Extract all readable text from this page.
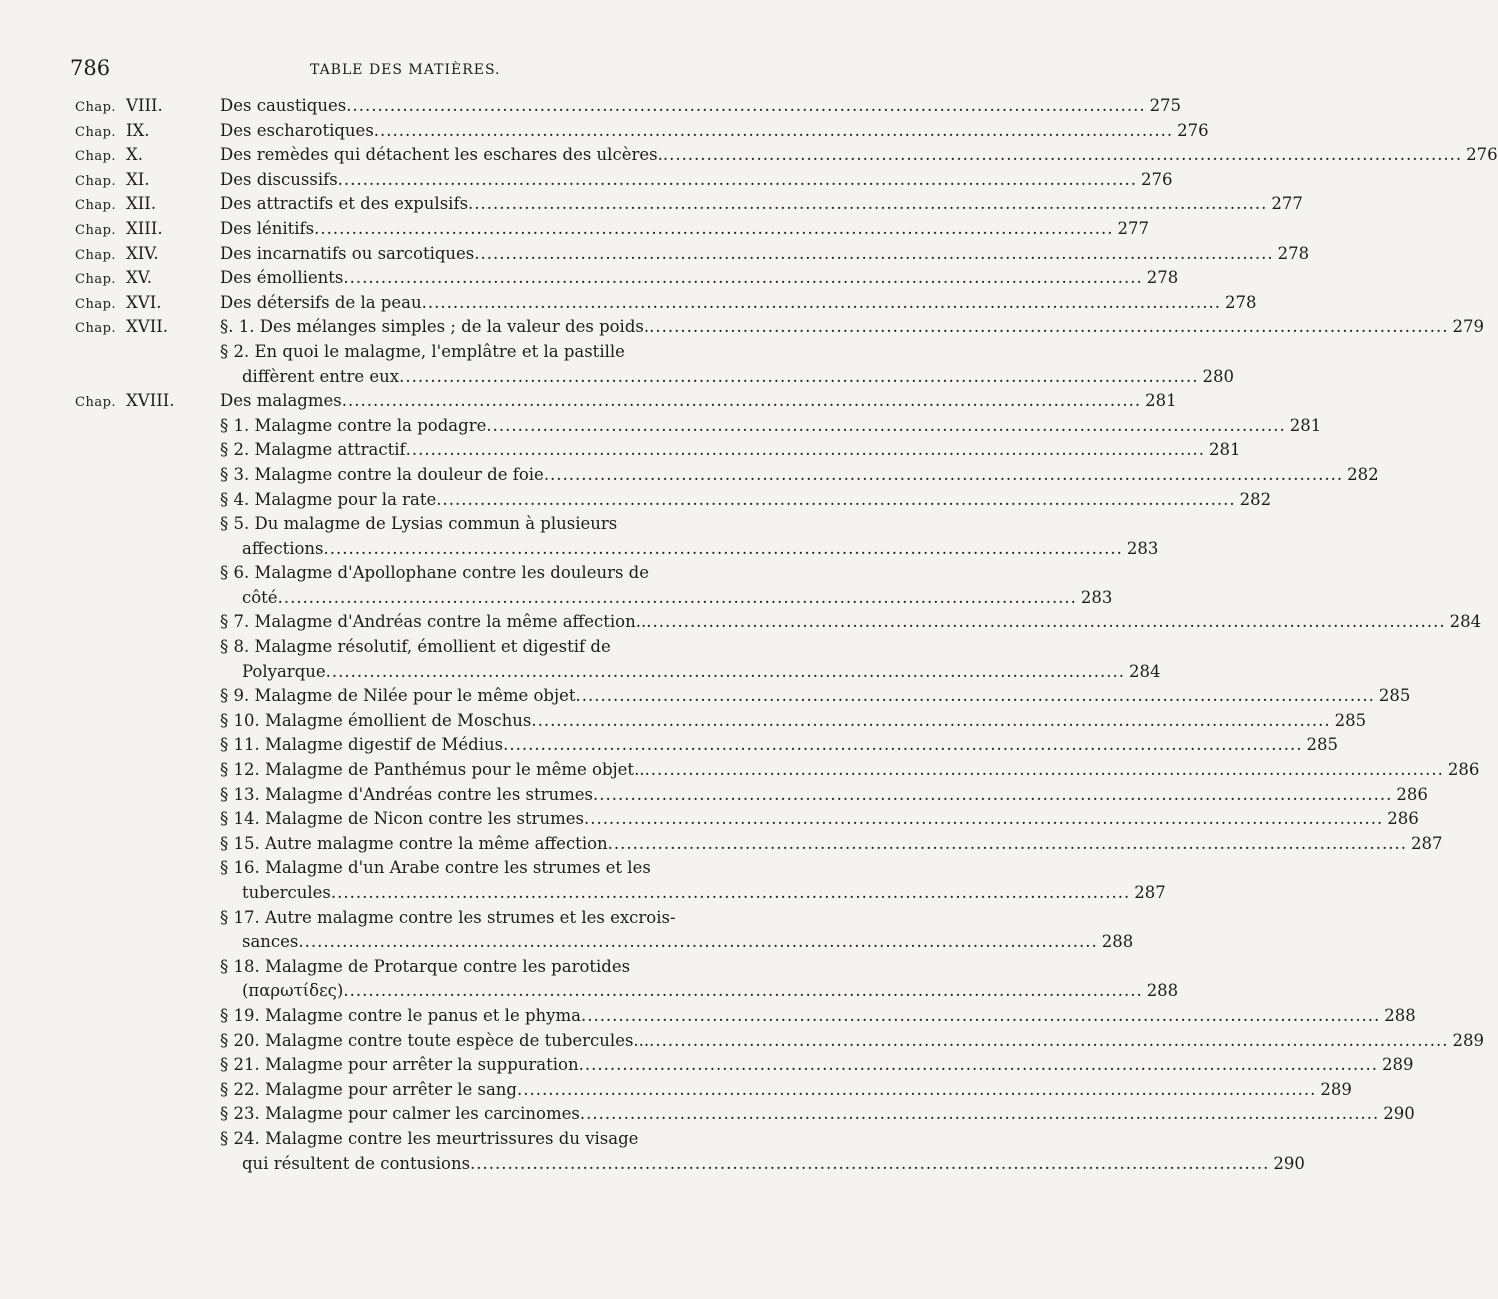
786	TABLE DES MATIÈRES.
Chap. VIII.	Des caustiques .....	275
Chap. IX.	Des escharotiques .....	276
Chap. X.	Des remèdes qui détachent les eschares des ulcères. .....	276
Chap. XI.	Des discussifs .....	276
Chap. XII.	Des attractifs et des expulsifs .....	277
Chap. XIII.	Des lénitifs .....	277
Chap. XIV.	Des incarnatifs ou sarcotiques .....	278
Chap. XV.	Des émollients .....	278
Chap. XVI.	Des détersifs de la peau .....	278
Chap. XVII.	§. 1. Des mélanges simples ; de la valeur des poids. .....	279
§ 2. En quoi le malagme, l'emplâtre et la pastille
diffèrent entre eux .....	280
Chap. XVIII.	Des malagmes .....	281
§ 1. Malagme contre la podagre .....	281
§ 2. Malagme attractif .....	281
§ 3. Malagme contre la douleur de foie .....	282
§ 4. Malagme pour la rate .....	282
§ 5. Du malagme de Lysias commun à plusieurs
affections .....	283
§ 6. Malagme d'Apollophane contre les douleurs de
côté .....	283
§ 7. Malagme d'Andréas contre la même affection.. .....	284
§ 8. Malagme résolutif, émollient et digestif de
Polyarque .....	284
§ 9. Malagme de Nilée pour le même objet .....	285
§ 10. Malagme émollient de Moschus .....	285
§ 11. Malagme digestif de Médius .....	285
§ 12. Malagme de Panthémus pour le même objet.. .....	286
§ 13. Malagme d'Andréas contre les strumes .....	286
§ 14. Malagme de Nicon contre les strumes .....	286
§ 15. Autre malagme contre la même affection .....	287
§ 16. Malagme d'un Arabe contre les strumes et les
tubercules .....	287
§ 17. Autre malagme contre les strumes et les excrois-
sances .....	288
§ 18. Malagme de Protarque contre les parotides
(παρωτίδες) .....	288
§ 19. Malagme contre le panus et le phyma .....	288
§ 20. Malagme contre toute espèce de tubercules... .....	289
§ 21. Malagme pour arrêter la suppuration .....	289
§ 22. Malagme pour arrêter le sang .....	289
§ 23. Malagme pour calmer les carcinomes .....	290
§ 24. Malagme contre les meurtrissures du visage
qui résultent de contusions .....	290
